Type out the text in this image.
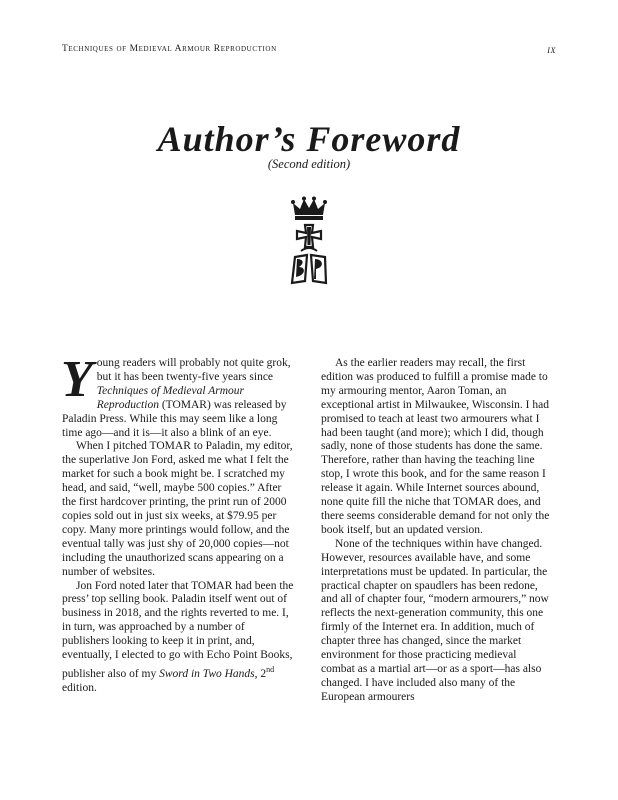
Techniques of Medieval Armour Reproduction	ix
Author’s Foreword
(Second edition)

Young readers will probably not quite grok, but it has been twenty-five years since Techniques of Medieval Armour Reproduction (TOMAR) was released by Paladin Press. While this may seem like a long time ago—and it is—it also a blink of an eye.

When I pitched TOMAR to Paladin, my editor, the superlative Jon Ford, asked me what I felt the market for such a book might be. I scratched my head, and said, “well, maybe 500 copies.” After the first hardcover printing, the print run of 2000 copies sold out in just six weeks, at $79.95 per copy. Many more printings would follow, and the eventual tally was just shy of 20,000 copies—not including the unauthorized scans appearing on a number of websites.

Jon Ford noted later that TOMAR had been the press’ top selling book. Paladin itself went out of business in 2018, and the rights reverted to me. I, in turn, was approached by a number of publishers looking to keep it in print, and, eventually, I elected to go with Echo Point Books, publisher also of my Sword in Two Hands, 2nd edition.

As the earlier readers may recall, the first edition was produced to fulfill a promise made to my armouring mentor, Aaron Toman, an exceptional artist in Milwaukee, Wisconsin. I had promised to teach at least two armourers what I had been taught (and more); which I did, though sadly, none of those students has done the same. Therefore, rather than having the teaching line stop, I wrote this book, and for the same reason I release it again. While Internet sources abound, none quite fill the niche that TOMAR does, and there seems considerable demand for not only the book itself, but an updated version.

None of the techniques within have changed. However, resources available have, and some interpretations must be updated. In particular, the practical chapter on spaudlers has been redone, and all of chapter four, “modern armourers,” now reflects the next-generation community, this one firmly of the Internet era. In addition, much of chapter three has changed, since the market environment for those practicing medieval combat as a martial art—or as a sport—has also changed. I have included also many of the European armourers
